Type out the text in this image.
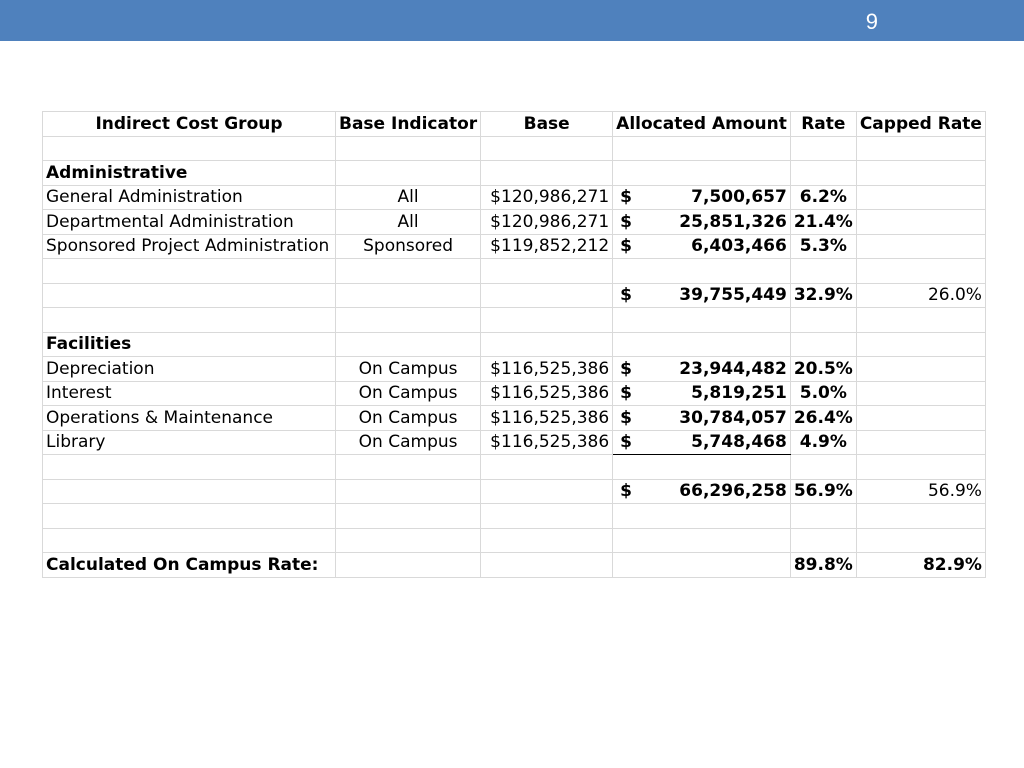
9
Indirect Cost Group	Base Indicator	Base	Allocated Amount	Rate	Capped Rate

Administrative					
General Administration	All	$ 120,986,271	$ 7,500,657	6.2%	
Departmental Administration	All	$ 120,986,271	$ 25,851,326	21.4%	
Sponsored Project Administration	Sponsored	$ 119,852,212	$ 6,403,466	5.3%	

			$ 39,755,449	32.9%	26.0%

Facilities					
Depreciation	On Campus	$ 116,525,386	$ 23,944,482	20.5%	
Interest	On Campus	$ 116,525,386	$ 5,819,251	5.0%	
Operations & Maintenance	On Campus	$ 116,525,386	$ 30,784,057	26.4%	
Library	On Campus	$ 116,525,386	$ 5,748,468	4.9%	

			$ 66,296,258	56.9%	56.9%

Calculated On Campus Rate:				89.8%	82.9%
